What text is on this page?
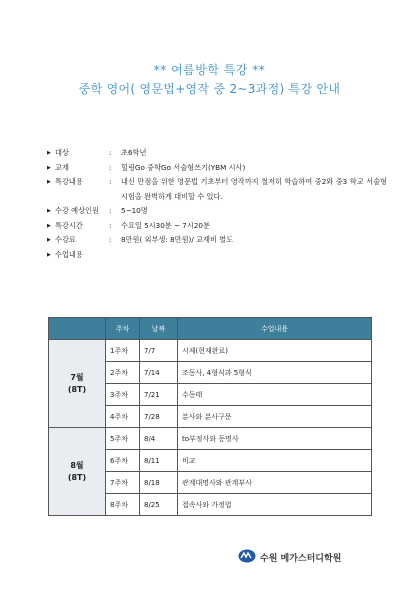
** 여름방학 특강 **
중학 영어( 영문법+영작 중 2~3과정) 특강 안내
▶ 대상	: 초6학년
▶ 교재	: 힐링Go 중학Go 서술형쓰기(YBM 시사)
▶ 특강내용	: 내신 만점을 위한 영문법 기초부터 영작까지 철저히 학습하여 중2와 중3 학교 서술형 시험을 완벽하게 대비할 수 있다.
▶ 수강 예상인원 : 5~10명
▶ 특강시간	: 수요일 5시30분 ~ 7시20분
▶ 수강료	: 8만원( 외부생: 8만원)/ 교재비 별도
▶ 수업내용
	주차	날짜	수업내용
7월
(8T)	1주차	7/7	시제(현재완료)
	2주차	7/14	조동사, 4형식과 5형식
	3주차	7/21	수동태
	4주차	7/28	분사와 분사구문
8월
(8T)	5주차	8/4	to부정사와 동명사
	6주차	8/11	비교
	7주차	8/18	관계대명사와 관계부사
	8주차	8/25	접속사와 가정법
수원 메가스터디학원
